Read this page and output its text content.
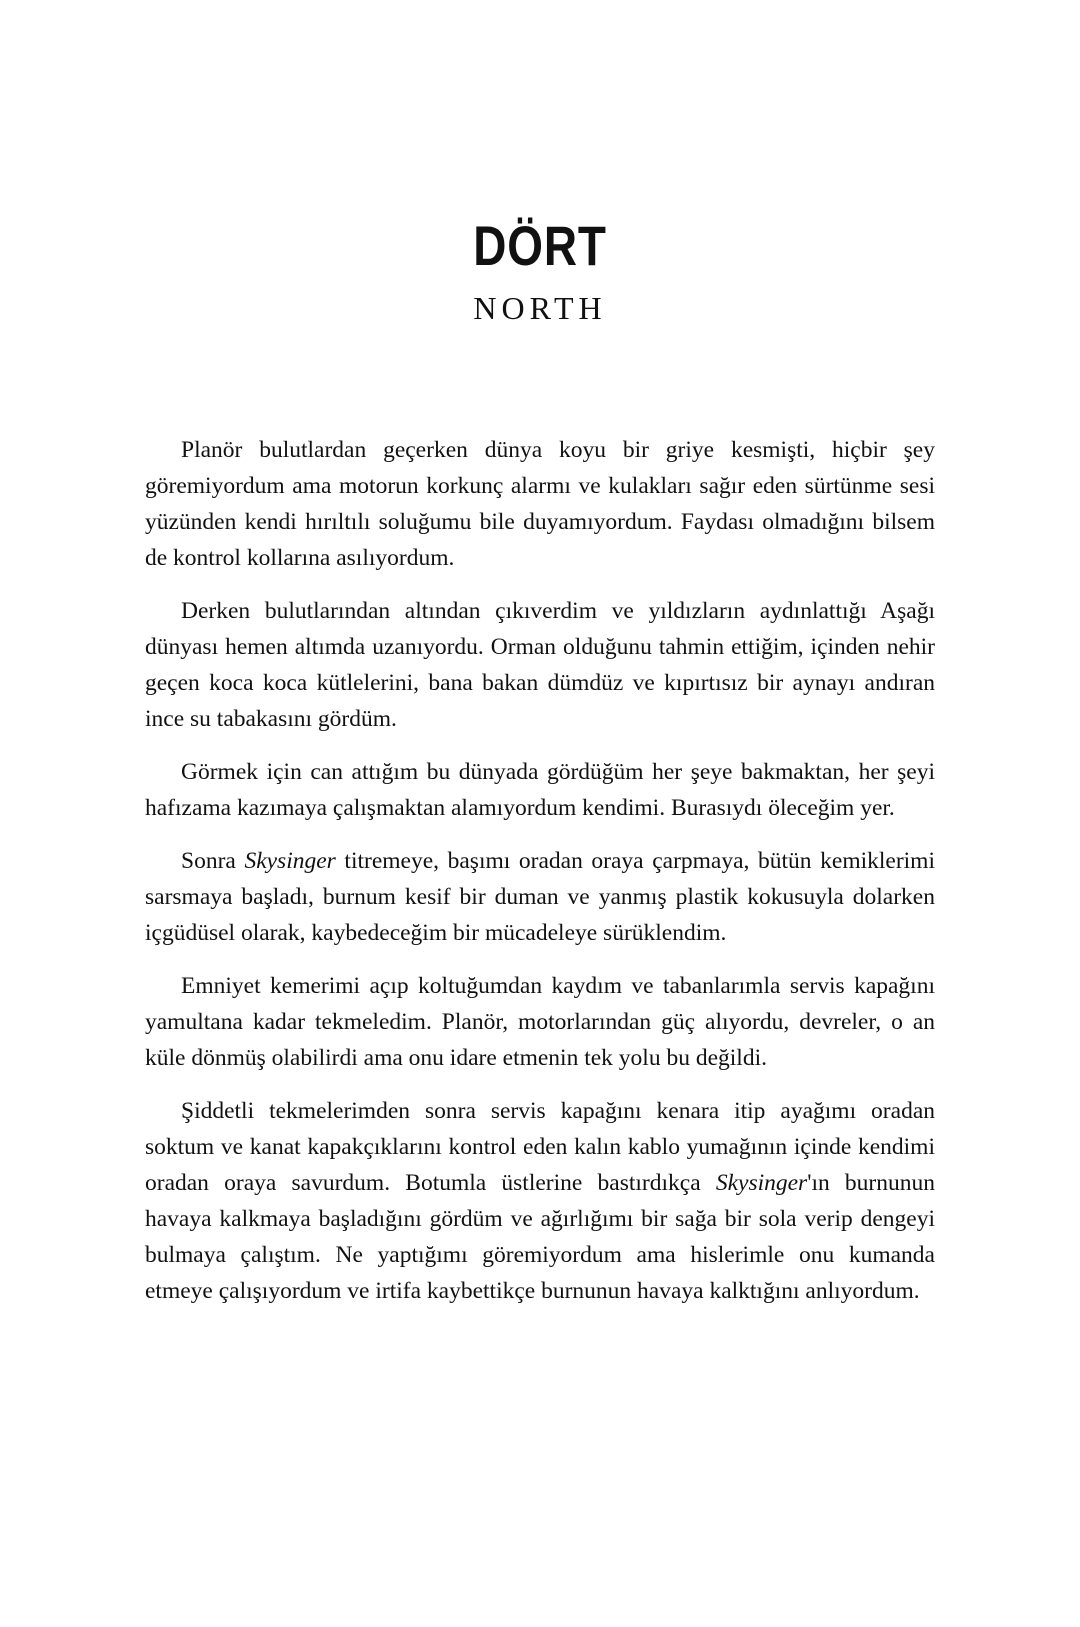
DÖRT
NORTH

Planör bulutlardan geçerken dünya koyu bir griye kesmişti, hiçbir şey göremiyordum ama motorun korkunç alarmı ve kulakları sağır eden sürtünme sesi yüzünden kendi hırıltılı soluğumu bile duyamıyordum. Faydası olmadığını bilsem de kontrol kollarına asılıyordum.

Derken bulutlarından altından çıkıverdim ve yıldızların aydınlattığı Aşağı dünyası hemen altımda uzanıyordu. Orman olduğunu tahmin ettiğim, içinden nehir geçen koca koca kütlelerini, bana bakan dümdüz ve kıpırtısız bir aynayı andıran ince su tabakasını gördüm.

Görmek için can attığım bu dünyada gördüğüm her şeye bakmaktan, her şeyi hafızama kazımaya çalışmaktan alamıyordum kendimi. Burasıydı öleceğim yer.

Sonra Skysinger titremeye, başımı oradan oraya çarpmaya, bütün kemiklerimi sarsmaya başladı, burnum kesif bir duman ve yanmış plastik kokusuyla dolarken içgüdüsel olarak, kaybedeceğim bir mücadeleye sürüklendim.

Emniyet kemerimi açıp koltuğumdan kaydım ve tabanlarımla servis kapağını yamultana kadar tekmeledim. Planör, motorlarından güç alıyordu, devreler, o an küle dönmüş olabilirdi ama onu idare etmenin tek yolu bu değildi.

Şiddetli tekmelerimden sonra servis kapağını kenara itip ayağımı oradan soktum ve kanat kapakçıklarını kontrol eden kalın kablo yumağının içinde kendimi oradan oraya savurdum. Botumla üstlerine bastırdıkça Skysinger'ın burnunun havaya kalkmaya başladığını gördüm ve ağırlığımı bir sağa bir sola verip dengeyi bulmaya çalıştım. Ne yaptığımı göremiyordum ama hislerimle onu kumanda etmeye çalışıyordum ve irtifa kaybettikçe burnunun havaya kalktığını anlıyordum.
